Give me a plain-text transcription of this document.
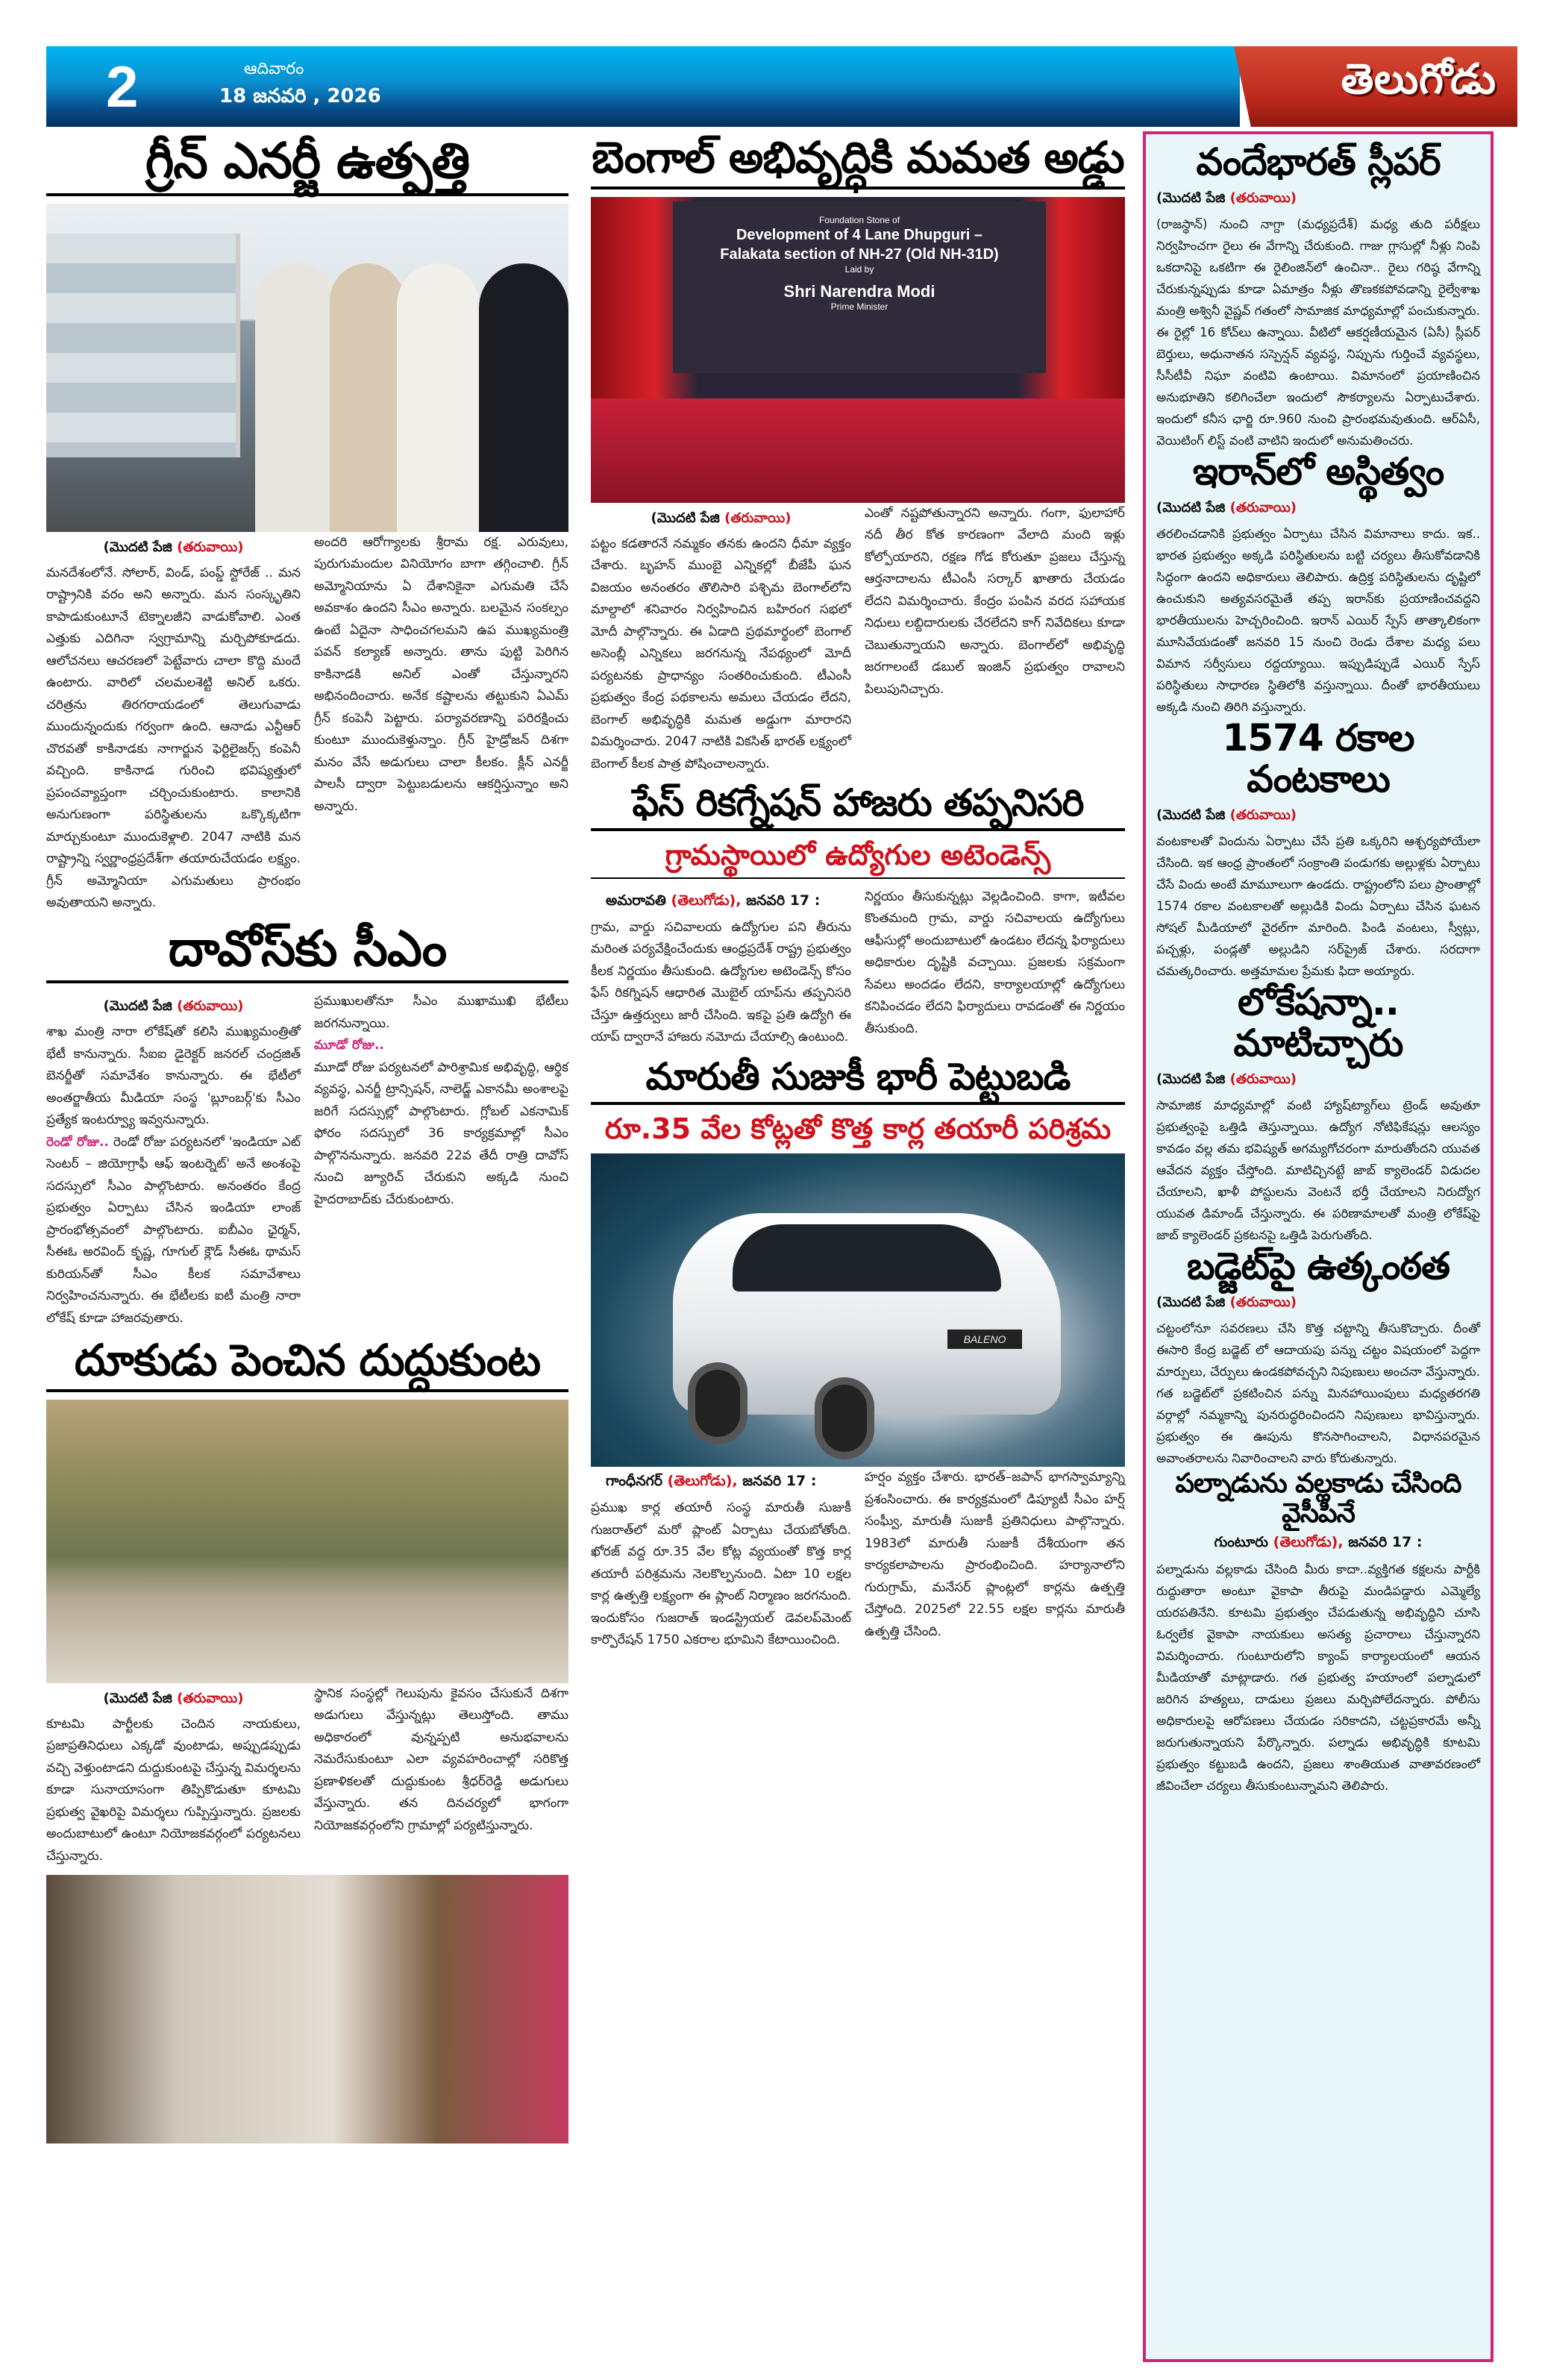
2	ఆదివారం
18 జనవరి , 2026	తెలుగోడు
గ్రీన్ ఎనర్జీ ఉత్పత్తి
(మొదటి పేజి (తరువాయి)

మనదేశంలోనే. సోలార్, విండ్, పంప్డ్ స్టోరేజ్ .. మన రాష్ట్రానికి వరం అని అన్నారు. మన సంస్కృతిని కాపాడుకుంటూనే టెక్నాలజీని వాడుకోవాలి. ఎంత ఎత్తుకు ఎదిగినా స్వగ్రామాన్ని మర్చిపోకూడదు. ఆలోచనలు ఆచరణలో పెట్టేవారు చాలా కొద్ది మందే ఉంటారు. వారిలో చలమలశెట్టి అనిల్ ఒకరు. చరిత్రను తిరగరాయడంలో తెలుగువాడు ముందున్నందుకు గర్వంగా ఉంది. ఆనాడు ఎన్టీఆర్ చొరవతో కాకినాడకు నాగార్జున ఫెర్టిలైజర్స్ కంపెనీ వచ్చింది. కాకినాడ గురించి భవిష్యత్తులో ప్రపంచవ్యాప్తంగా చర్చించుకుంటారు. కాలానికి అనుగుణంగా పరిస్థితులను ఒక్కొక్కటిగా మార్చుకుంటూ ముందుకెళ్లాలి. 2047 నాటికి మన రాష్ట్రాన్ని స్వర్ణాంధ్రప్రదేశ్‌గా తయారుచేయడం లక్ష్యం. గ్రీన్ అమ్మోనియా ఎగుమతులు ప్రారంభం అవుతాయని అన్నారు.

అందరి ఆరోగ్యాలకు శ్రీరామ రక్ష. ఎరువులు, పురుగుమందుల వినియోగం బాగా తగ్గించాలి. గ్రీన్ అమ్మోనియాను ఏ దేశానికైనా ఎగుమతి చేసే అవకాశం ఉందని సీఎం అన్నారు. బలమైన సంకల్పం ఉంటే ఏదైనా సాధించగలమని ఉప ముఖ్యమంత్రి పవన్ కల్యాణ్ అన్నారు. తాను పుట్టి పెరిగిన కాకినాడకి అనిల్ ఎంతో చేస్తున్నారని అభినందించారు. అనేక కష్టాలను తట్టుకుని ఏఎమ్ గ్రీన్ కంపెనీ పెట్టారు. పర్యావరణాన్ని పరిరక్షించు కుంటూ ముందుకెళ్తున్నాం. గ్రీన్ హైడ్రోజన్ దిశగా మనం వేసే అడుగులు చాలా కీలకం. క్లీన్ ఎనర్జీ పాలసీ ద్వారా పెట్టుబడులను ఆకర్షిస్తున్నాం అని అన్నారు.

దావోస్‌కు సీఎం
(మొదటి పేజి (తరువాయి)

శాఖ మంత్రి నారా లోకేష్‌తో కలిసి ముఖ్యమంత్రితో భేటీ కానున్నారు. సీఐఐ డైరెక్టర్ జనరల్ చంద్రజిత్ బెనర్జీతో సమావేశం కానున్నారు. ఈ భేటీలో అంతర్జాతీయ మీడియా సంస్థ 'బ్లూంబర్గ్'కు సీఎం ప్రత్యేక ఇంటర్వ్యూ ఇవ్వనున్నారు.

రెండో రోజు.. రెండో రోజు పర్యటనలో 'ఇండియా ఎట్ సెంటర్ – జియోగ్రాఫీ ఆఫ్ ఇంటర్నెట్' అనే అంశంపై సదస్సులో సీఎం పాల్గొంటారు. అనంతరం కేంద్ర ప్రభుత్వం ఏర్పాటు చేసిన ఇండియా లాంజ్ ప్రారంభోత్సవంలో పాల్గొంటారు. ఐబీఎం ఛైర్మన్, సీఈఓ అరవింద్ కృష్ణ, గూగుల్ క్లౌడ్ సీఈఓ థామస్ కురియన్‌తో సీఎం కీలక సమావేశాలు నిర్వహించనున్నారు. ఈ భేటీలకు ఐటీ మంత్రి నారా లోకేష్ కూడా హాజరవుతారు.

ప్రముఖులతోనూ సీఎం ముఖాముఖి భేటీలు జరగనున్నాయి.

మూడో రోజు..

మూడో రోజు పర్యటనలో పారిశ్రామిక అభివృద్ధి, ఆర్థిక వ్యవస్థ, ఎనర్జీ ట్రాన్సిషన్, నాలెడ్జ్ ఎకానమీ అంశాలపై జరిగే సదస్సుల్లో పాల్గొంటారు. గ్లోబల్ ఎకనామిక్ ఫోరం సదస్సులో 36 కార్యక్రమాల్లో సీఎం పాల్గొననున్నారు. జనవరి 22వ తేదీ రాత్రి దావోస్ నుంచి జ్యూరిచ్ చేరుకుని అక్కడి నుంచి హైదరాబాద్‌కు చేరుకుంటారు.

దూకుడు పెంచిన దుద్దుకుంట
(మొదటి పేజి (తరువాయి)

కూటమి పార్టీలకు చెందిన నాయకులు, ప్రజాప్రతినిధులు ఎక్కడో వుంటాడు, అప్పుడప్పుడు వచ్చి వెళ్తుంటాడని దుద్దుకుంటపై చేస్తున్న విమర్శలను కూడా సునాయాసంగా తిప్పికొడుతూ కూటమి ప్రభుత్వ వైఖరిపై విమర్శలు గుప్పిస్తున్నారు. ప్రజలకు అందుబాటులో ఉంటూ నియోజకవర్గంలో పర్యటనలు చేస్తున్నారు.

స్థానిక సంస్థల్లో గెలుపును కైవసం చేసుకునే దిశగా అడుగులు వేస్తున్నట్లు తెలుస్తోంది. తాము అధికారంలో వున్నప్పటి అనుభవాలను నెమరేసుకుంటూ ఎలా వ్యవహరించాల్లో సరికొత్త ప్రణాళికలతో దుద్దుకుంట శ్రీధర్‌రెడ్డి అడుగులు వేస్తున్నారు. తన దినచర్యలో భాగంగా నియోజకవర్గంలోని గ్రామాల్లో పర్యటిస్తున్నారు.

బెంగాల్ అభివృద్ధికి మమత అడ్డు
Foundation Stone of
Development of 4 Lane Dhupguri –
Falakata section of NH-27 (Old NH-31D)
Laid by
Shri Narendra Modi
Prime Minister
(మొదటి పేజి (తరువాయి)

పట్టం కడతారనే నమ్మకం తనకు ఉందని ధీమా వ్యక్తం చేశారు. బృహన్ ముంబై ఎన్నికల్లో బీజేపీ ఘన విజయం అనంతరం తొలిసారి పశ్చిమ బెంగాల్‌లోని మాల్దాలో శనివారం నిర్వహించిన బహిరంగ సభలో మోదీ పాల్గొన్నారు. ఈ ఏడాది ప్రథమార్థంలో బెంగాల్ అసెంబ్లీ ఎన్నికలు జరగనున్న నేపథ్యంలో మోదీ పర్యటనకు ప్రాధాన్యం సంతరించుకుంది. టీఎంసీ ప్రభుత్వం కేంద్ర పథకాలను అమలు చేయడం లేదని, బెంగాల్ అభివృద్ధికి మమత అడ్డుగా మారారని విమర్శించారు. 2047 నాటికి వికసిత్ భారత్ లక్ష్యంలో బెంగాల్ కీలక పాత్ర పోషించాలన్నారు.

ఎంతో నష్టపోతున్నారని అన్నారు. గంగా, ఫులాహార్ నదీ తీర కోత కారణంగా వేలాది మంది ఇళ్లు కోల్పోయారని, రక్షణ గోడ కోరుతూ ప్రజలు చేస్తున్న ఆర్తనాదాలను టీఎంసీ సర్కార్ ఖాతారు చేయడం లేదని విమర్శించారు. కేంద్రం పంపిన వరద సహాయక నిధులు లబ్దిదారులకు చేరలేదని కాగ్ నివేదికలు కూడా చెబుతున్నాయని అన్నారు. బెంగాల్‌లో అభివృద్ధి జరగాలంటే డబుల్ ఇంజిన్ ప్రభుత్వం రావాలని పిలుపునిచ్చారు.

ఫేస్ రికగ్నేషన్ హాజరు తప్పనిసరి
గ్రామస్థాయిలో ఉద్యోగుల అటెండెన్స్
అమరావతి (తెలుగోడు), జనవరి 17 :

గ్రామ, వార్డు సచివాలయ ఉద్యోగుల పని తీరును మరింత పర్యవేక్షించేందుకు ఆంధ్రప్రదేశ్ రాష్ట్ర ప్రభుత్వం కీలక నిర్ణయం తీసుకుంది. ఉద్యోగుల అటెండెన్స్ కోసం ఫేస్ రికగ్నిషన్ ఆధారిత మొబైల్ యాప్‌ను తప్పనిసరి చేస్తూ ఉత్తర్వులు జారీ చేసింది. ఇకపై ప్రతి ఉద్యోగి ఈ యాప్ ద్వారానే హాజరు నమోదు చేయాల్సి ఉంటుంది.

నిర్ణయం తీసుకున్నట్లు వెల్లడించింది. కాగా, ఇటీవల కొంతమంది గ్రామ, వార్డు సచివాలయ ఉద్యోగులు ఆఫీసుల్లో అందుబాటులో ఉండటం లేదన్న ఫిర్యాదులు అధికారుల దృష్టికి వచ్చాయి. ప్రజలకు సక్రమంగా సేవలు అందడం లేదని, కార్యాలయాల్లో ఉద్యోగులు కనిపించడం లేదని ఫిర్యాదులు రావడంతో ఈ నిర్ణయం తీసుకుంది.

మారుతీ సుజుకీ భారీ పెట్టుబడి
రూ.35 వేల కోట్లతో కొత్త కార్ల తయారీ పరిశ్రమ
BALENO
గాంధీనగర్ (తెలుగోడు), జనవరి 17 :

ప్రముఖ కార్ల తయారీ సంస్థ మారుతీ సుజుకీ గుజరాత్‌లో మరో ప్లాంట్ ఏర్పాటు చేయబోతోంది. ఖోరజ్ వద్ద రూ.35 వేల కోట్ల వ్యయంతో కొత్త కార్ల తయారీ పరిశ్రమను నెలకొల్పనుంది. ఏటా 10 లక్షల కార్ల ఉత్పత్తి లక్ష్యంగా ఈ ప్లాంట్ నిర్మాణం జరగనుంది. ఇందుకోసం గుజరాత్ ఇండస్ట్రియల్ డెవలప్‌మెంట్ కార్పొరేషన్ 1750 ఎకరాల భూమిని కేటాయించింది.

హర్షం వ్యక్తం చేశారు. భారత్–జపాన్ భాగస్వామ్యాన్ని ప్రశంసించారు. ఈ కార్యక్రమంలో డిప్యూటీ సీఎం హర్ష్ సంఘ్వీ, మారుతీ సుజుకీ ప్రతినిధులు పాల్గొన్నారు. 1983లో మారుతీ సుజుకీ దేశీయంగా తన కార్యకలాపాలను ప్రారంభించింది. హర్యానాలోని గురుగ్రామ్, మనేసర్ ప్లాంట్లలో కార్లను ఉత్పత్తి చేస్తోంది. 2025లో 22.55 లక్షల కార్లను మారుతీ ఉత్పత్తి చేసింది.

వందేభారత్ స్లీపర్
(మొదటి పేజి (తరువాయి)

(రాజస్థాన్) నుంచి నాగ్దా (మధ్యప్రదేశ్) మధ్య తుది పరీక్షలు నిర్వహించగా రైలు ఈ వేగాన్ని చేరుకుంది. గాజు గ్లాసుల్లో నీళ్లు నింపి ఒకదానిపై ఒకటిగా ఈ రైలింజిన్‌లో ఉంచినా.. రైలు గరిష్ఠ వేగాన్ని చేరుకున్నప్పుడు కూడా ఏమాత్రం నీళ్లు తొణకకపోవడాన్ని రైల్వేశాఖ మంత్రి అశ్వినీ వైష్ణవ్ గతంలో సామాజిక మాధ్యమాల్లో పంచుకున్నారు. ఈ రైల్లో 16 కోచ్‌లు ఉన్నాయి. వీటిలో ఆకర్షణీయమైన (ఏసీ) స్లీపర్ బెర్తులు, అధునాతన సస్పెన్షన్ వ్యవస్థ, నిప్పును గుర్తించే వ్యవస్థలు, సీసీటీవీ నిఘా వంటివి ఉంటాయి. విమానంలో ప్రయాణించిన అనుభూతిని కలిగించేలా ఇందులో సౌకర్యాలను ఏర్పాటుచేశారు. ఇందులో కనీస ఛార్జి రూ.960 నుంచి ప్రారంభమవుతుంది. ఆర్ఏసీ, వెయిటింగ్ లిస్ట్ వంటి వాటిని ఇందులో అనుమతించరు.

ఇరాన్‌లో అస్థిత్వం
(మొదటి పేజి (తరువాయి)

తరలించడానికి ప్రభుత్వం ఏర్పాటు చేసిన విమానాలు కాదు. ఇక.. భారత ప్రభుత్వం అక్కడి పరిస్థితులను బట్టి చర్యలు తీసుకోవడానికి సిద్ధంగా ఉందని అధికారులు తెలిపారు. ఉద్రిక్త పరిస్థితులను దృష్టిలో ఉంచుకుని అత్యవసరమైతే తప్ప ఇరాన్‌కు ప్రయాణించవద్దని భారతీయులను హెచ్చరించింది. ఇరాన్ ఎయిర్ స్పేస్ తాత్కాలికంగా మూసివేయడంతో జనవరి 15 నుంచి రెండు దేశాల మధ్య పలు విమాన సర్వీసులు రద్దయ్యాయి. ఇప్పుడిప్పుడే ఎయిర్ స్పేస్ పరిస్థితులు సాధారణ స్థితిలోకి వస్తున్నాయి. దీంతో భారతీయులు అక్కడి నుంచి తిరిగి వస్తున్నారు.

1574 రకాల వంటకాలు
(మొదటి పేజి (తరువాయి)

వంటకాలతో విందును ఏర్పాటు చేసే ప్రతి ఒక్కరిని ఆశ్చర్యపోయేలా చేసింది. ఇక ఆంధ్ర ప్రాంతంలో సంక్రాంతి పండుగకు అల్లుళ్లకు ఏర్పాటు చేసే విందు అంటే మామూలుగా ఉండదు. రాష్ట్రంలోని పలు ప్రాంతాల్లో 1574 రకాల వంటకాలతో అల్లుడికి విందు ఏర్పాటు చేసిన ఘటన సోషల్ మీడియాలో వైరల్‌గా మారింది. పిండి వంటలు, స్వీట్లు, పచ్చళ్లు, పండ్లతో అల్లుడిని సర్‌ప్రైజ్ చేశారు. సరదాగా చమత్కరించారు. అత్తమామల ప్రేమకు ఫిదా అయ్యారు.

లోకేషన్నా.. మాటిచ్చారు
(మొదటి పేజి (తరువాయి)

సామాజిక మాధ్యమాల్లో వంటి హ్యాష్‌ట్యాగ్‌లు ట్రెండ్ అవుతూ ప్రభుత్వంపై ఒత్తిడి తెస్తున్నాయి. ఉద్యోగ నోటిఫికేషన్లు ఆలస్యం కావడం వల్ల తమ భవిష్యత్ అగమ్యగోచరంగా మారుతోందని యువత ఆవేదన వ్యక్తం చేస్తోంది. మాటిచ్చినట్టే జాబ్ క్యాలెండర్ విడుదల చేయాలని, ఖాళీ పోస్టులను వెంటనే భర్తీ చేయాలని నిరుద్యోగ యువత డిమాండ్ చేస్తున్నారు. ఈ పరిణామాలతో మంత్రి లోకేష్‌పై జాబ్ క్యాలెండర్ ప్రకటనపై ఒత్తిడి పెరుగుతోంది.

బడ్జెట్‌పై ఉత్కంఠత
(మొదటి పేజి (తరువాయి)

చట్టంలోనూ సవరణలు చేసి కొత్త చట్టాన్ని తీసుకొచ్చారు. దీంతో ఈసారి కేంద్ర బడ్జెట్ లో ఆదాయపు పన్ను చట్టం విషయంలో పెద్దగా మార్పులు, చేర్పులు ఉండకపోవచ్చని నిపుణులు అంచనా వేస్తున్నారు. గత బడ్జెట్‌లో ప్రకటించిన పన్ను మినహాయింపులు మధ్యతరగతి వర్గాల్లో నమ్మకాన్ని పునరుద్ధరించిందని నిపుణులు భావిస్తున్నారు. ప్రభుత్వం ఈ ఊపును కొనసాగించాలని, విధానపరమైన అవాంతరాలను నివారించాలని వారు కోరుతున్నారు.

పల్నాడును వల్లకాడు చేసింది వైసీపీనే
గుంటూరు (తెలుగోడు), జనవరి 17 :

పల్నాడును వల్లకాడు చేసింది మీరు కాదా..వ్యక్తిగత కక్షలను పార్టీకి రుద్దుతారా అంటూ వైకాపా తీరుపై మండిపడ్డారు ఎమ్మెల్యే యరపతినేని. కూటమి ప్రభుత్వం చేపడుతున్న అభివృద్ధిని చూసి ఓర్వలేక వైకాపా నాయకులు అసత్య ప్రచారాలు చేస్తున్నారని విమర్శించారు. గుంటూరులోని క్యాంప్ కార్యాలయంలో ఆయన మీడియాతో మాట్లాడారు. గత ప్రభుత్వ హయాంలో పల్నాడులో జరిగిన హత్యలు, దాడులు ప్రజలు మర్చిపోలేదన్నారు. పోలీసు అధికారులపై ఆరోపణలు చేయడం సరికాదని, చట్టప్రకారమే అన్నీ జరుగుతున్నాయని పేర్కొన్నారు. పల్నాడు అభివృద్ధికి కూటమి ప్రభుత్వం కట్టుబడి ఉందని, ప్రజలు శాంతియుత వాతావరణంలో జీవించేలా చర్యలు తీసుకుంటున్నామని తెలిపారు.
